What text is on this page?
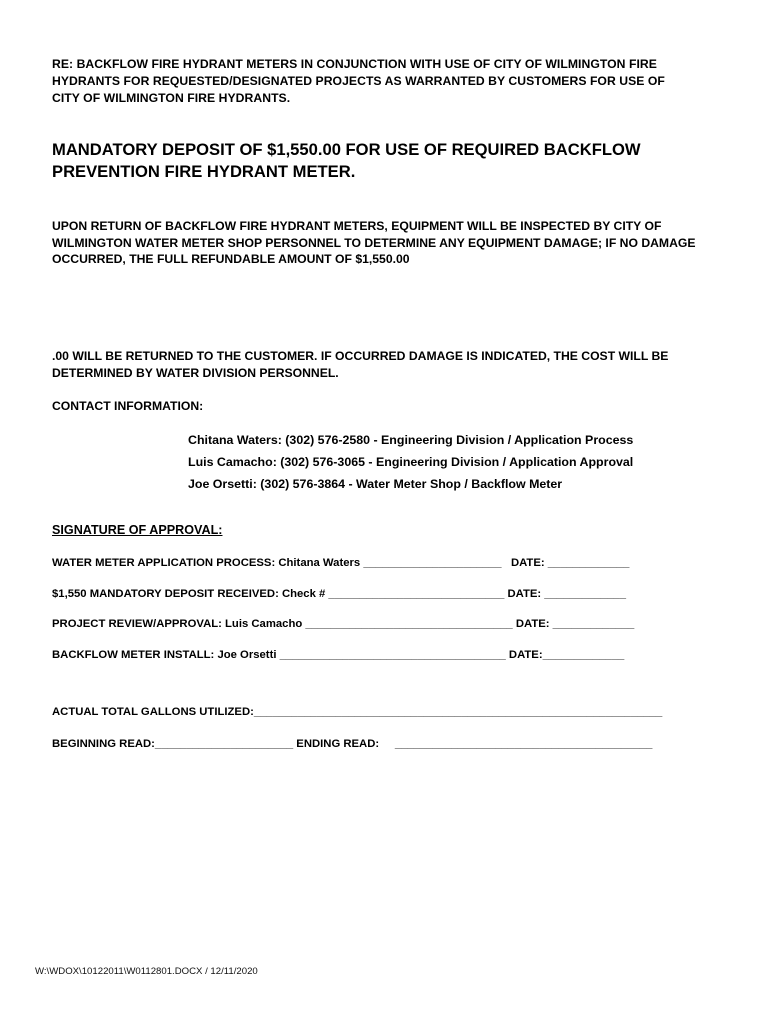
RE: BACKFLOW FIRE HYDRANT METERS IN CONJUNCTION WITH USE OF CITY OF WILMINGTON FIRE HYDRANTS FOR REQUESTED/DESIGNATED PROJECTS AS WARRANTED BY CUSTOMERS FOR USE OF CITY OF WILMINGTON FIRE HYDRANTS.

MANDATORY DEPOSIT OF $1,550.00 FOR USE OF REQUIRED BACKFLOW PREVENTION FIRE HYDRANT METER.

UPON RETURN OF BACKFLOW FIRE HYDRANT METERS, EQUIPMENT WILL BE INSPECTED BY CITY OF WILMINGTON WATER METER SHOP PERSONNEL TO DETERMINE ANY EQUIPMENT DAMAGE; IF NO DAMAGE OCCURRED, THE FULL REFUNDABLE AMOUNT OF $1,550.00

.00 WILL BE RETURNED TO THE CUSTOMER. IF OCCURRED DAMAGE IS INDICATED, THE COST WILL BE DETERMINED BY WATER DIVISION PERSONNEL.

CONTACT INFORMATION:

Chitana Waters: (302) 576-2580 - Engineering Division / Application Process
Luis Camacho: (302) 576-3065 - Engineering Division / Application Approval
Joe Orsetti: (302) 576-3864 - Water Meter Shop / Backflow Meter

SIGNATURE OF APPROVAL:

WATER METER APPLICATION PROCESS: Chitana Waters ______________________   DATE: _____________
$1,550 MANDATORY DEPOSIT RECEIVED: Check # ____________________________ DATE: _____________
PROJECT REVIEW/APPROVAL: Luis Camacho _________________________________ DATE: _____________
BACKFLOW METER INSTALL: Joe Orsetti ____________________________________ DATE:_____________
ACTUAL TOTAL GALLONS UTILIZED:_________________________________________________________________
BEGINNING READ:______________________ ENDING READ:     _________________________________________
W:\WDOX\10122011\W0112801.DOCX / 12/11/2020
